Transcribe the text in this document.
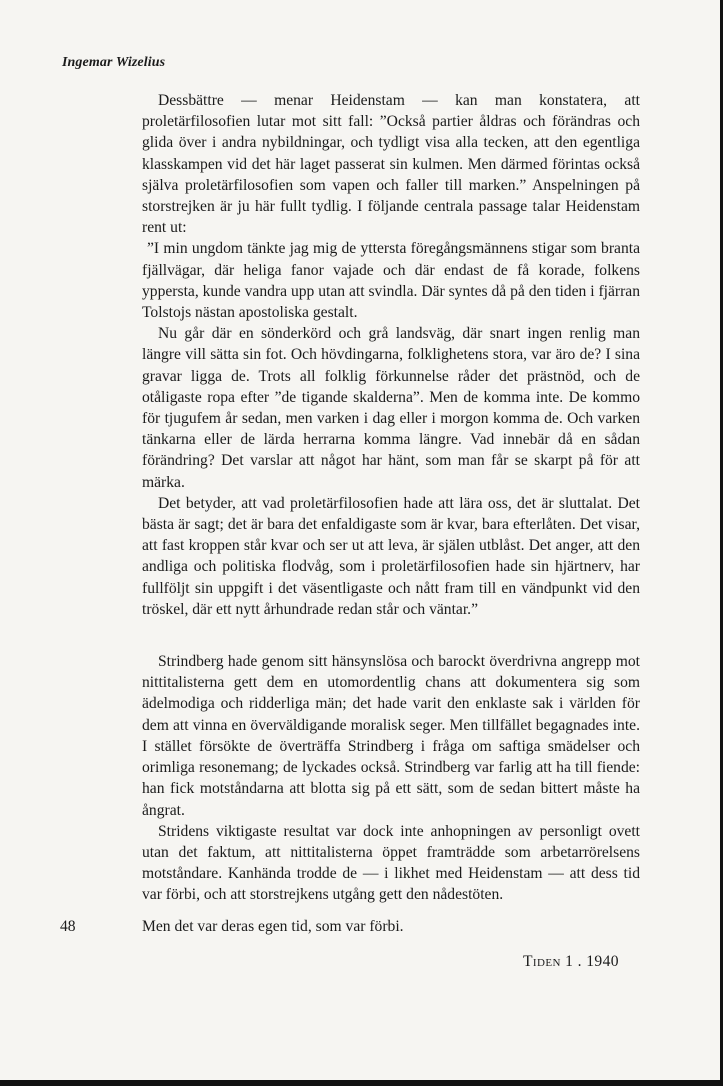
Ingemar Wizelius

Dessbättre — menar Heidenstam — kan man konstatera, att proletärfilosofien lutar mot sitt fall: ”Också partier åldras och förändras och glida över i andra nybildningar, och tydligt visa alla tecken, att den egentliga klasskampen vid det här laget passerat sin kulmen. Men därmed förintas också själva proletärfilosofien som vapen och faller till marken.” Anspelningen på storstrejken är ju här fullt tydlig. I följande centrala passage talar Heidenstam rent ut:

”I min ungdom tänkte jag mig de yttersta föregångsmännens stigar som branta fjällvägar, där heliga fanor vajade och där endast de få korade, folkens yppersta, kunde vandra upp utan att svindla. Där syntes då på den tiden i fjärran Tolstojs nästan apostoliska gestalt.

Nu går där en sönderkörd och grå landsväg, där snart ingen renlig man längre vill sätta sin fot. Och hövdingarna, folklighetens stora, var äro de? I sina gravar ligga de. Trots all folklig förkunnelse råder det prästnöd, och de otåligaste ropa efter ”de tigande skalderna”. Men de komma inte. De kommo för tjugufem år sedan, men varken i dag eller i morgon komma de. Och varken tänkarna eller de lärda herrarna komma längre. Vad innebär då en sådan förändring? Det varslar att något har hänt, som man får se skarpt på för att märka.

Det betyder, att vad proletärfilosofien hade att lära oss, det är sluttalat. Det bästa är sagt; det är bara det enfaldigaste som är kvar, bara efterlåten. Det visar, att fast kroppen står kvar och ser ut att leva, är själen utblåst. Det anger, att den andliga och politiska flodvåg, som i proletärfilosofien hade sin hjärtnerv, har fullföljt sin uppgift i det väsentligaste och nått fram till en vändpunkt vid den tröskel, där ett nytt århundrade redan står och väntar.”

Strindberg hade genom sitt hänsynslösa och barockt överdrivna angrepp mot nittitalisterna gett dem en utomordentlig chans att dokumentera sig som ädelmodiga och ridderliga män; det hade varit den enklaste sak i världen för dem att vinna en överväldigande moralisk seger. Men tillfället begagnades inte. I stället försökte de överträffa Strindberg i fråga om saftiga smädelser och orimliga resonemang; de lyckades också. Strindberg var farlig att ha till fiende: han fick motståndarna att blotta sig på ett sätt, som de sedan bittert måste ha ångrat.

Stridens viktigaste resultat var dock inte anhopningen av personligt ovett utan det faktum, att nittitalisterna öppet framträdde som arbetarrörelsens motståndare. Kanhända trodde de — i likhet med Heidenstam — att dess tid var förbi, och att storstrejkens utgång gett den nådestöten.

48	Men det var deras egen tid, som var förbi.
Tiden 1 . 1940
